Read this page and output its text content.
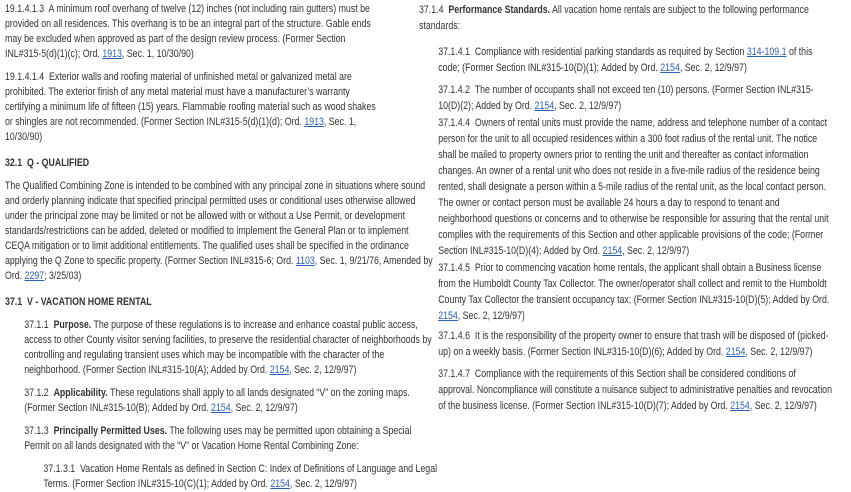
19.1.4.1.3  A minimum roof overhang of twelve (12) inches (not including rain gutters) must be
provided on all residences. This overhang is to be an integral part of the structure. Gable ends
may be excluded when approved as part of the design review process. (Former Section
INL#315-5(d)(1)(c); Ord. 1913, Sec. 1, 10/30/90)
19.1.4.1.4  Exterior walls and roofing material of unfinished metal or galvanized metal are
prohibited. The exterior finish of any metal material must have a manufacturer’s warranty
certifying a minimum life of fifteen (15) years. Flammable roofing material such as wood shakes
or shingles are not recommended. (Former Section INL#315-5(d)(1)(d); Ord. 1913, Sec. 1,
10/30/90)
32.1  Q - QUALIFIED
The Qualified Combining Zone is intended to be combined with any principal zone in situations where sound
and orderly planning indicate that specified principal permitted uses or conditional uses otherwise allowed
under the principal zone may be limited or not be allowed with or without a Use Permit, or development
standards/restrictions can be added, deleted or modified to implement the General Plan or to implement
CEQA mitigation or to limit additional entitlements. The qualified uses shall be specified in the ordinance
applying the Q Zone to specific property. (Former Section INL#315-6; Ord. 1103, Sec. 1, 9/21/76, Amended by
Ord. 2297; 3/25/03)
37.1  V - VACATION HOME RENTAL
37.1.1  Purpose. The purpose of these regulations is to increase and enhance coastal public access,
access to other County visitor serving facilities, to preserve the residential character of neighborhoods by
controlling and regulating transient uses which may be incompatible with the character of the
neighborhood. (Former Section INL#315-10(A); Added by Ord. 2154, Sec. 2, 12/9/97)
37.1.2  Applicability. These regulations shall apply to all lands designated “V” on the zoning maps.
(Former Section INL#315-10(B); Added by Ord. 2154, Sec. 2, 12/9/97)
37.1.3  Principally Permitted Uses. The following uses may be permitted upon obtaining a Special
Permit on all lands designated with the “V” or Vacation Home Rental Combining Zone:
37.1.3.1  Vacation Home Rentals as defined in Section C: Index of Definitions of Language and Legal
Terms. (Former Section INL#315-10(C)(1); Added by Ord. 2154, Sec. 2, 12/9/97)
37.1.4  Performance Standards. All vacation home rentals are subject to the following performance
standards:
37.1.4.1  Compliance with residential parking standards as required by Section 314-109.1 of this
code; (Former Section INL#315-10(D)(1); Added by Ord. 2154, Sec. 2, 12/9/97)
37.1.4.2  The number of occupants shall not exceed ten (10) persons. (Former Section INL#315-
10(D)(2); Added by Ord. 2154, Sec. 2, 12/9/97)
37.1.4.4  Owners of rental units must provide the name, address and telephone number of a contact
person for the unit to all occupied residences within a 300 foot radius of the rental unit. The notice
shall be mailed to property owners prior to renting the unit and thereafter as contact information
changes. An owner of a rental unit who does not reside in a five-mile radius of the residence being
rented, shall designate a person within a 5-mile radius of the rental unit, as the local contact person.
The owner or contact person must be available 24 hours a day to respond to tenant and
neighborhood questions or concerns and to otherwise be responsible for assuring that the rental unit
complies with the requirements of this Section and other applicable provisions of the code; (Former
Section INL#315-10(D)(4); Added by Ord. 2154, Sec. 2, 12/9/97)
37.1.4.5  Prior to commencing vacation home rentals, the applicant shall obtain a Business license
from the Humboldt County Tax Collector. The owner/operator shall collect and remit to the Humboldt
County Tax Collector the transient occupancy tax; (Former Section INL#315-10(D)(5); Added by Ord.
2154, Sec. 2, 12/9/97)
37.1.4.6  It is the responsibility of the property owner to ensure that trash will be disposed of (picked-
up) on a weekly basis. (Former Section INL#315-10(D)(6); Added by Ord. 2154, Sec. 2, 12/9/97)
37.1.4.7  Compliance with the requirements of this Section shall be considered conditions of
approval. Noncompliance will constitute a nuisance subject to administrative penalties and revocation
of the business license. (Former Section INL#315-10(D)(7); Added by Ord. 2154, Sec. 2, 12/9/97)
